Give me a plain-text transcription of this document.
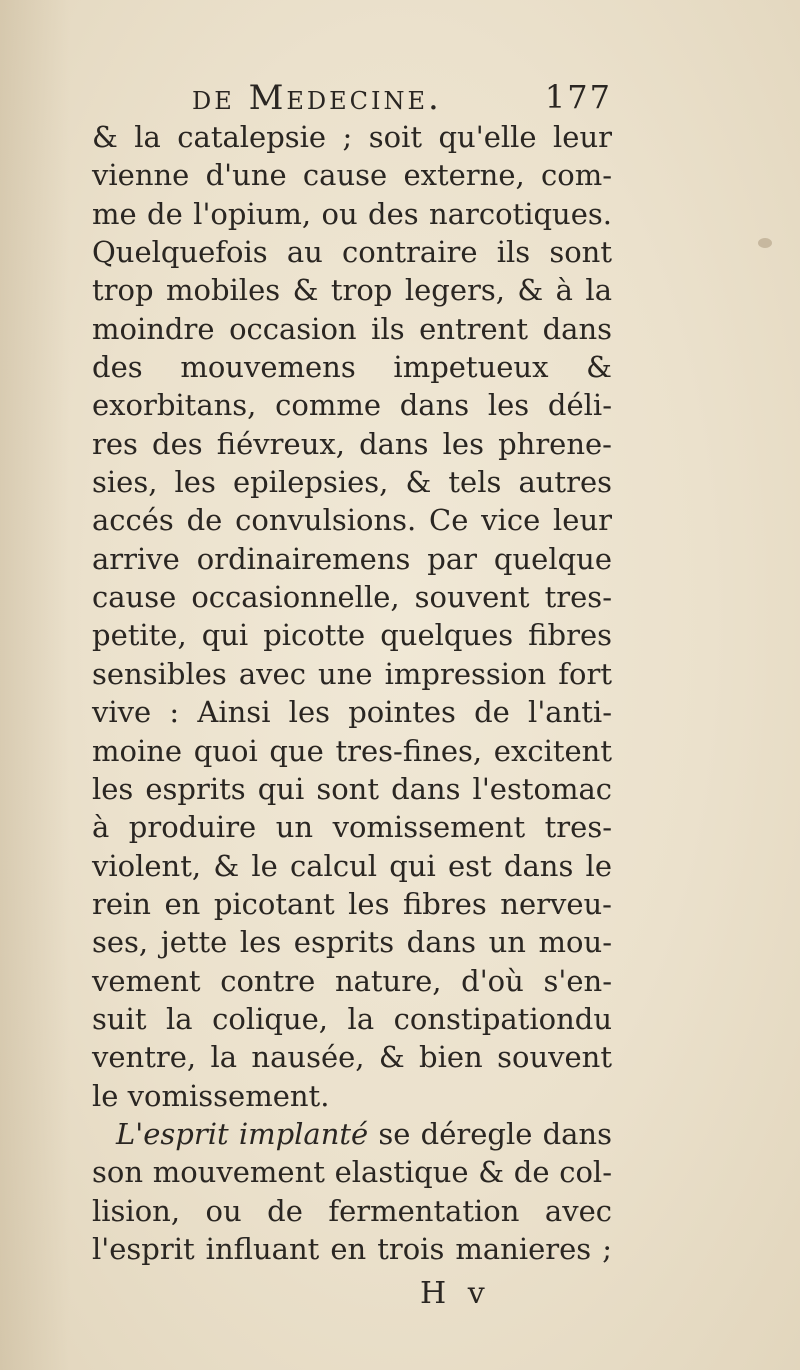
de Medecine.	177
& la catalepsie ; soit qu'elle leur
vienne d'une cause externe, com-
me de l'opium, ou des narcotiques.
Quelquefois au contraire ils sont
trop mobiles & trop legers, & à la
moindre occasion ils entrent dans
des mouvemens impetueux &
exorbitans, comme dans les déli-
res des fiévreux, dans les phrene-
sies, les epilepsies, & tels autres
accés de convulsions. Ce vice leur
arrive ordinairemens par quelque
cause occasionnelle, souvent tres-
petite, qui picotte quelques fibres
sensibles avec une impression fort
vive : Ainsi les pointes de l'anti-
moine quoi que tres-fines, excitent
les esprits qui sont dans l'estomac
à produire un vomissement tres-
violent, & le calcul qui est dans le
rein en picotant les fibres nerveu-
ses, jette les esprits dans un mou-
vement contre nature, d'où s'en-
suit la colique, la constipationdu
ventre, la nausée, & bien souvent
le vomissement.
L'esprit implanté se déregle dans
son mouvement elastique & de col-
lision, ou de fermentation avec
l'esprit influant en trois manieres ;
H v
